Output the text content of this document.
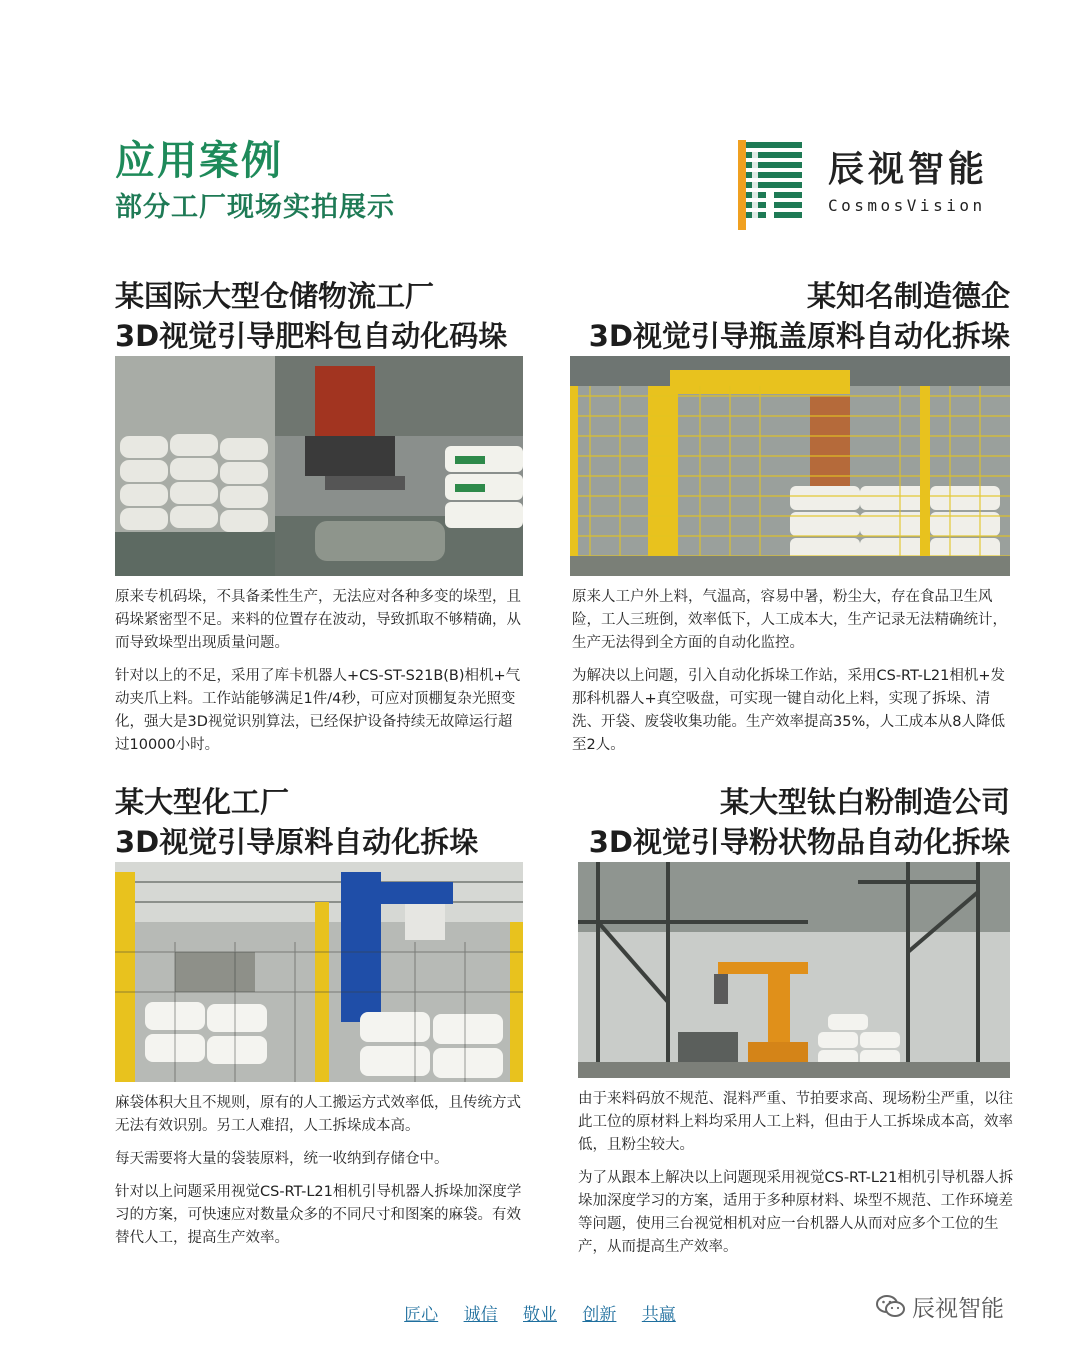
应用案例
部分工厂现场实拍展示
辰视智能
CosmosVision
某国际大型仓储物流工厂
3D视觉引导肥料包自动化码垛

原来专机码垛，不具备柔性生产，无法应对各种多变的垛型，且码垛紧密型不足。来料的位置存在波动，导致抓取不够精确，从而导致垛型出现质量问题。

针对以上的不足，采用了库卡机器人+CS-ST-S21B(B)相机+气动夹爪上料。工作站能够满足1件/4秒，可应对顶棚复杂光照变化，强大是3D视觉识别算法，已经保护设备持续无故障运行超过10000小时。

某知名制造德企
3D视觉引导瓶盖原料自动化拆垛

原来人工户外上料，气温高，容易中暑，粉尘大，存在食品卫生风险，工人三班倒，效率低下，人工成本大，生产记录无法精确统计，生产无法得到全方面的自动化监控。

为解决以上问题，引入自动化拆垛工作站，采用CS-RT-L21相机+发那科机器人+真空吸盘，可实现一键自动化上料，实现了拆垛、清洗、开袋、废袋收集功能。生产效率提高35%，人工成本从8人降低至2人。

某大型化工厂
3D视觉引导原料自动化拆垛

麻袋体积大且不规则，原有的人工搬运方式效率低，且传统方式无法有效识别。另工人难招，人工拆垛成本高。

每天需要将大量的袋装原料，统一收纳到存储仓中。

针对以上问题采用视觉CS-RT-L21相机引导机器人拆垛加深度学习的方案，可快速应对数量众多的不同尺寸和图案的麻袋。有效替代人工，提高生产效率。

某大型钛白粉制造公司
3D视觉引导粉状物品自动化拆垛

由于来料码放不规范、混料严重、节拍要求高、现场粉尘严重，以往此工位的原材料上料均采用人工上料，但由于人工拆垛成本高，效率低，且粉尘较大。

为了从跟本上解决以上问题现采用视觉CS-RT-L21相机引导机器人拆垛加深度学习的方案，适用于多种原材料、垛型不规范、工作环境差等问题，使用三台视觉相机对应一台机器人从而对应多个工位的生产，从而提高生产效率。

匠心 诚信 敬业 创新 共赢	辰视智能
